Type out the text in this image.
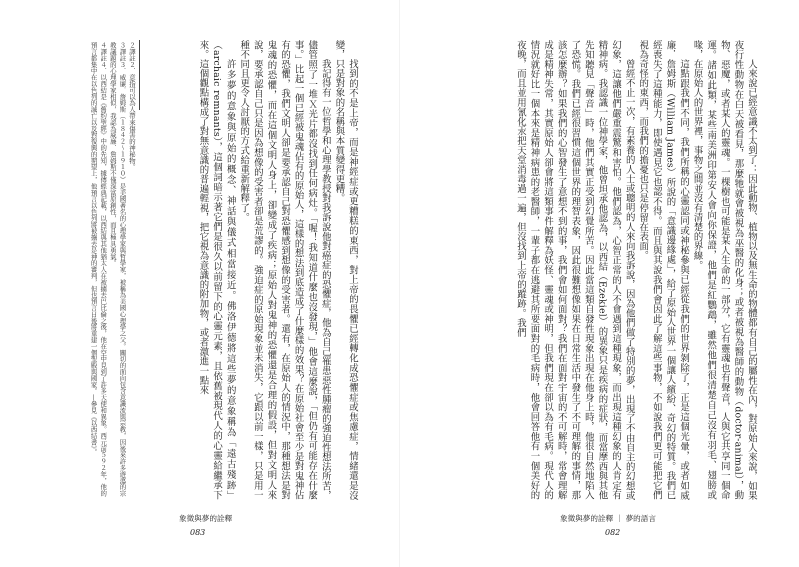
找到的不是上帝，而是神經症或更糟糕的東西，對上帝的畏懼已經轉化成恐懼症或焦慮症，情緒還是沒變，只是對象的名稱與本質變得更糟。

我記得有一位哲學和心理學教授對我訴說他對癌症的恐懼症，他為自己罹患惡性腫瘤的強迫性想法所苦，儘管照了一堆Ｘ光片都沒找到任何病灶。「喔！我知道什麼也沒發現，」他會這麼說，「但仍有可能存在什麼事。」比起一個已經被鬼魂佔有的原始人，這樣的想法到底造成了什麼樣的效果？在原始社會至少是對鬼神佔有的恐懼，我們文明人卻是要承認自己對恐懼感到想像的受害者。還有，在原始人的情況中，那種想法是對鬼魂的恐懼，而在這個文明人身上，卻變成了疾病；原始人對鬼神的恐懼還是合理的假設，但對文明人來說，要承認自己只是因為想像的受害者卻是荒謬的。強迫症的原始現象並未消失，它跟以前一樣，只是用一種不同且更令人討厭的方式給重新解釋了。

許多夢的意象與原始的概念、神話與儀式相當接近。佛洛伊德將這些夢的意象稱為「遠古殘跡」（archaic remnants），這個詞暗示著它們是很久以前留下的心靈元素，且依舊被現代人的心靈給繼承下來。這個觀點構成了對無意識的普遍輕視，把它視為意識的附加物，或者激進一點來

２譯註２．意指可以為人帶來傷害的神秘物。

３譯註３．威廉．詹姆斯（１８４２～１９１０）是美國著名的心理學家與哲學家，被稱為美國心理學之父。關切的面向包含意識流與宗教，因後來許多遊蕩的宗教議題的心理學家相似，我認為威廉．詹姆斯不僅深富原創性，而且極具勇氣。

４譯註４．以西結是《舊約聖經》中的先知，據傳經典記載，以西結與其他猶太人在被擄去巴比倫之後，他在空中見到了許多天使和異象。西元前５９２年，他的預言都集中在以色列的滅亡以及對復興的期望上，他預言以色列將被擄去是神的審判，但也預言日後將重建一個聖殿與國家。—參見《以西結書》。

象徵與夢的詮釋
083

人來說已經意識不太到了：因此動物、植物以及無生命的物體都有自己的屬性在內，對原始人來說，如果夜行性動物在白天被看見，那麼牠就會被視為巫醫的化身；或者被視為醫師的動物（doctor-animal），動物、惡魔，或者某人的靈魂。一棵樹也可能是某人生命的一部分，它有靈魂也有聲音，人與它共享同一個命運。諸如此類，某些南美洲印第安人會向你保證，他們是紅鸚鵡，雖然他們很清楚自己沒有羽毛、翅膀或喙，在原始人的世界裡，事物之間並沒有清楚的界線。

這點跟我們不同，我們所稱的心靈認同或神秘參與已經從我們的世界剝除了，正是這個光暈，或者如威廉．詹姆斯（William James）所說的「意識邊緣處」，給了原始人世界一個讓人繽紛、奇幻的特質。我們已經喪失了這種能力，即使遇見它也認不得。而且與其說我們會因此了解這些事物，不如說我們更可能把它們視為奇怪的東西，而我們的擔憂也只是停留在表面。

曾經不止一次，有素養的人士或聰明的人來向我訴說，因為他們做了特別的夢，出現了不由自主的幻想或幻象，這讓他們嚴重震驚和害怕。他們認為，心智正常的人不會遇到這種現象，而出現這種幻象的人肯定有精神病。我認識一位神學家，他曾坦承他認為，以西結（Ezekiel）的異象只是疾病的症狀，而當摩西與其他先知聽見「聲音」時，他們其實正受到幻覺所苦。因此當這類自發性現象出現在他身上時，他很自然地陷入了恐慌。我們已經很習慣這個世界的理智表象，因此很難想像如果在日常生活中發生了不可理解的事情，那該怎麼辦？如果我們的心智發生了意想不到的事，我們會如何面對？我們在面對宇宙的不可解時，常會理解成是精神失常，其實原始人卻會將這類事件解釋為妖怪、靈魂或神明，但我們現在卻以為有毛病。現代人的情況就好比一個本來是精神病患的老醫師，一輩子都在逃避其所要面對的毛病時，他會回答他有一個美好的夜晚，而且並用氰化汞把天堂消毒過一遍，但沒找到上帝的蹤跡。我們

象徵與夢的詮釋 ｜ 夢的語言
082
